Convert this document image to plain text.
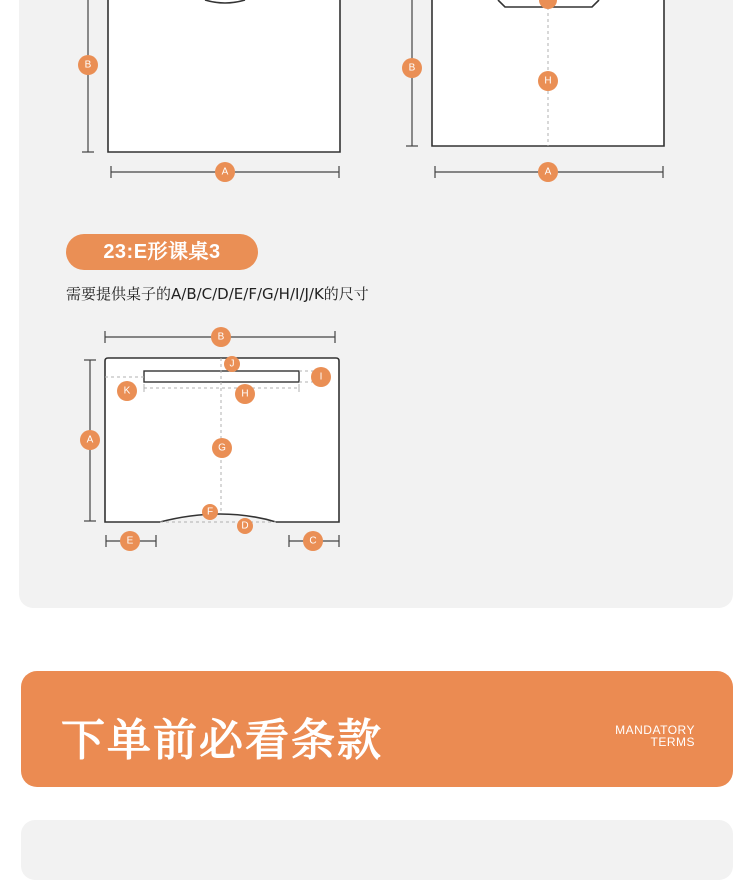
B
A
H
B
A
B
A
E	C
J
I
K	H
G
F
D
23:E形课桌3
需要提供桌子的A/B/C/D/E/F/G/H/I/J/K的尺寸
下单前必看条款	MANDATORY
TERMS
